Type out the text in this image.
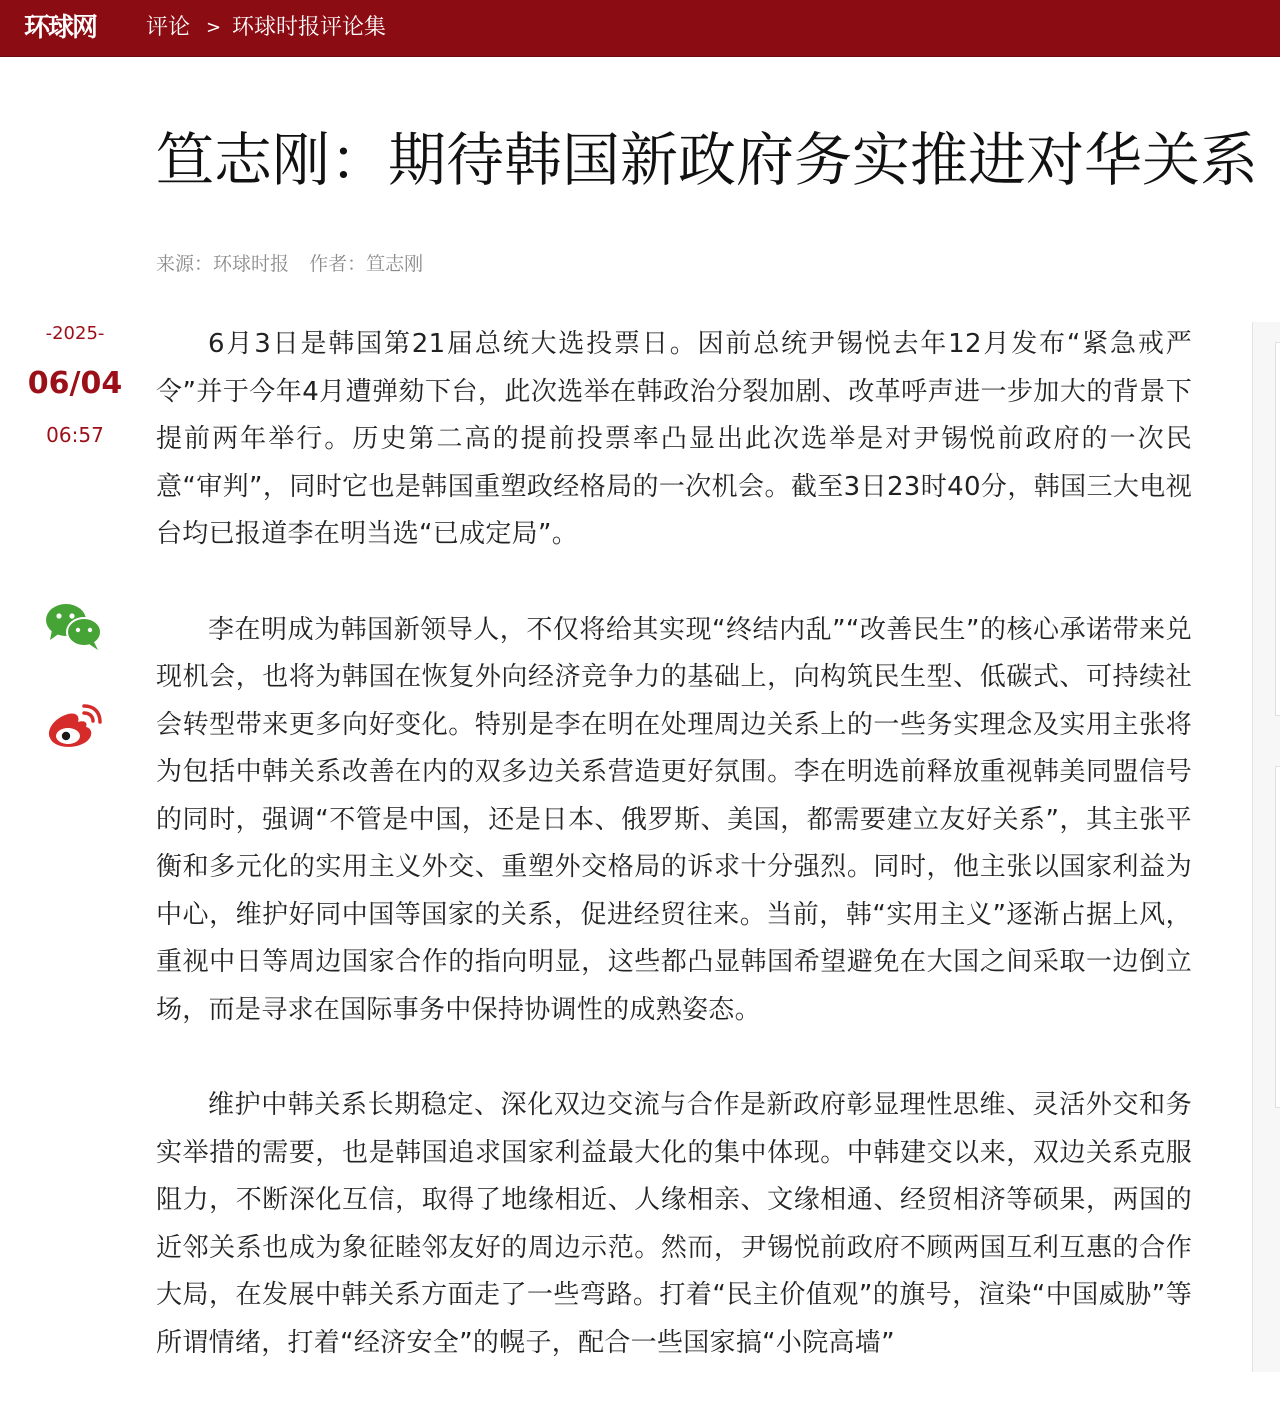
环球网 评论 > 环球时报评论集
笪志刚：期待韩国新政府务实推进对华关系
来源：环球时报 作者：笪志刚
-2025-
06/04
06:57

6月3日是韩国第21届总统大选投票日。因前总统尹锡悦去年12月发布“紧急戒严令”并于今年4月遭弹劾下台，此次选举在韩政治分裂加剧、改革呼声进一步加大的背景下提前两年举行。历史第二高的提前投票率凸显出此次选举是对尹锡悦前政府的一次民意“审判”，同时它也是韩国重塑政经格局的一次机会。截至3日23时40分，韩国三大电视台均已报道李在明当选“已成定局”。

李在明成为韩国新领导人，不仅将给其实现“终结内乱”“改善民生”的核心承诺带来兑现机会，也将为韩国在恢复外向经济竞争力的基础上，向构筑民生型、低碳式、可持续社会转型带来更多向好变化。特别是李在明在处理周边关系上的一些务实理念及实用主张将为包括中韩关系改善在内的双多边关系营造更好氛围。李在明选前释放重视韩美同盟信号的同时，强调“不管是中国，还是日本、俄罗斯、美国，都需要建立友好关系”，其主张平衡和多元化的实用主义外交、重塑外交格局的诉求十分强烈。同时，他主张以国家利益为中心，维护好同中国等国家的关系，促进经贸往来。当前，韩“实用主义”逐渐占据上风，重视中日等周边国家合作的指向明显，这些都凸显韩国希望避免在大国之间采取一边倒立场，而是寻求在国际事务中保持协调性的成熟姿态。

维护中韩关系长期稳定、深化双边交流与合作是新政府彰显理性思维、灵活外交和务实举措的需要，也是韩国追求国家利益最大化的集中体现。中韩建交以来，双边关系克服阻力，不断深化互信，取得了地缘相近、人缘相亲、文缘相通、经贸相济等硕果，两国的近邻关系也成为象征睦邻友好的周边示范。然而，尹锡悦前政府不顾两国互利互惠的合作大局，在发展中韩关系方面走了一些弯路。打着“民主价值观”的旗号，渲染“中国威胁”等所谓情绪，打着“经济安全”的幌子，配合一些国家搞“小院高墙”
